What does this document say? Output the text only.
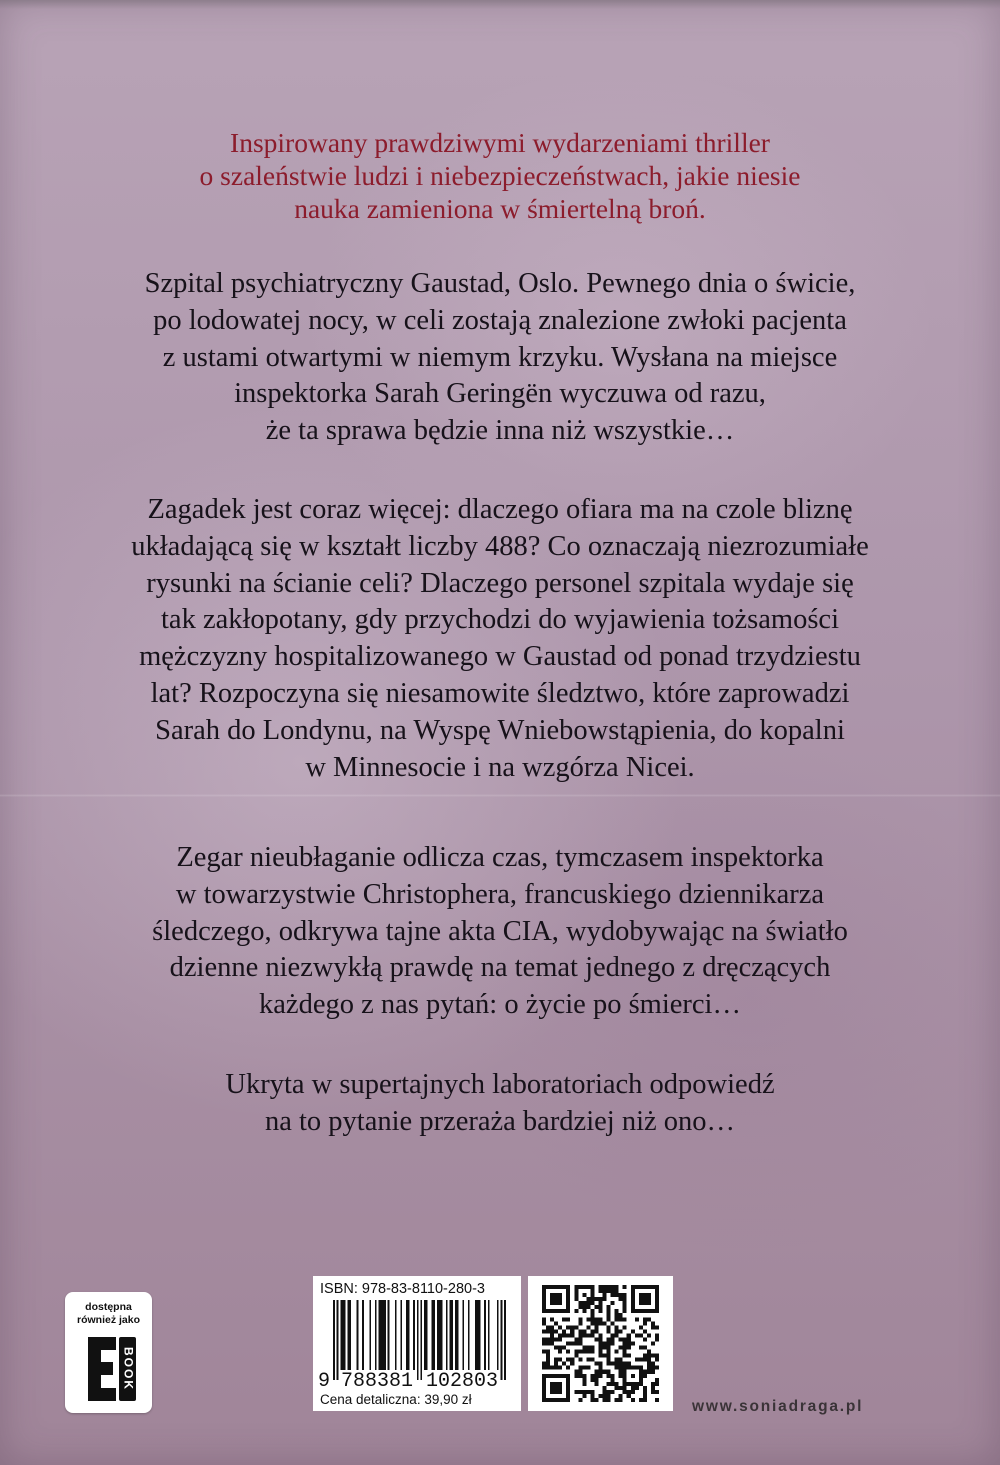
Inspirowany prawdziwymi wydarzeniami thriller
o szaleństwie ludzi i niebezpieczeństwach, jakie niesie
nauka zamieniona w śmiertelną broń.
Szpital psychiatryczny Gaustad, Oslo. Pewnego dnia o świcie,
po lodowatej nocy, w celi zostają znalezione zwłoki pacjenta
z ustami otwartymi w niemym krzyku. Wysłana na miejsce
inspektorka Sarah Geringën wyczuwa od razu,
że ta sprawa będzie inna niż wszystkie…
Zagadek jest coraz więcej: dlaczego ofiara ma na czole bliznę
układającą się w kształt liczby 488? Co oznaczają niezrozumiałe
rysunki na ścianie celi? Dlaczego personel szpitala wydaje się
tak zakłopotany, gdy przychodzi do wyjawienia tożsamości
mężczyzny hospitalizowanego w Gaustad od ponad trzydziestu
lat? Rozpoczyna się niesamowite śledztwo, które zaprowadzi
Sarah do Londynu, na Wyspę Wniebowstąpienia, do kopalni
w Minnesocie i na wzgórza Nicei.
Zegar nieubłaganie odlicza czas, tymczasem inspektorka
w towarzystwie Christophera, francuskiego dziennikarza
śledczego, odkrywa tajne akta CIA, wydobywając na światło
dzienne niezwykłą prawdę na temat jednego z dręczących
każdego z nas pytań: o życie po śmierci…
Ukryta w supertajnych laboratoriach odpowiedź
na to pytanie przeraża bardziej niż ono…
dostępna
również jako
BOOK
ISBN: 978-83-8110-280-3
9 788381 102803
Cena detaliczna: 39,90 zł	www.soniadraga.pl
